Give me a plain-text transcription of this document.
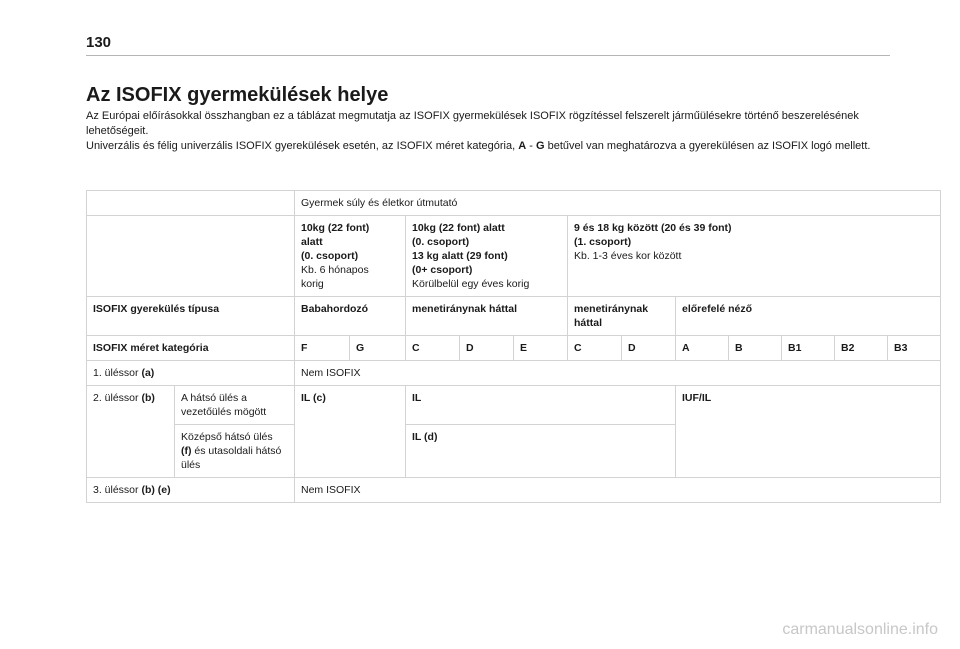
130
Az ISOFIX gyermekülések helye

Az Európai előírásokkal összhangban ez a táblázat megmutatja az ISOFIX gyermekülések ISOFIX rögzítéssel felszerelt járműülésekre történő beszerelésének lehetőségeit.

Univerzális és félig univerzális ISOFIX gyerekülések esetén, az ISOFIX méret kategória, A - G betűvel van meghatározva a gyerekülésen az ISOFIX logó mellett.

		Gyermek súly és életkor útmutató											
		10kg (22 font)
alatt
(0. csoport)
Kb. 6 hónapos
korig		10kg (22 font) alatt
(0. csoport)
13 kg alatt (29 font)
(0+ csoport)
Körülbelül egy éves korig			9 és 18 kg között (20 és 39 font)
(1. csoport)
Kb. 1-3 éves kor között						
ISOFIX gyerekülés típusa		Babahordozó		menetiránynak háttal			menetiránynak háttal		előrefelé néző				
ISOFIX méret kategória		F	G	C	D	E	C	D	A	B	B1	B2	B3
1. üléssor (a)		Nem ISOFIX											
2. üléssor (b)	A hátsó ülés a vezetőülés mögött	IL (c)		IL					IUF/IL				
	Középső hátsó ülés
(f) és utasoldali hátsó ülés			IL (d)									
3. üléssor (b) (e)		Nem ISOFIX											
carmanualsonline.info
